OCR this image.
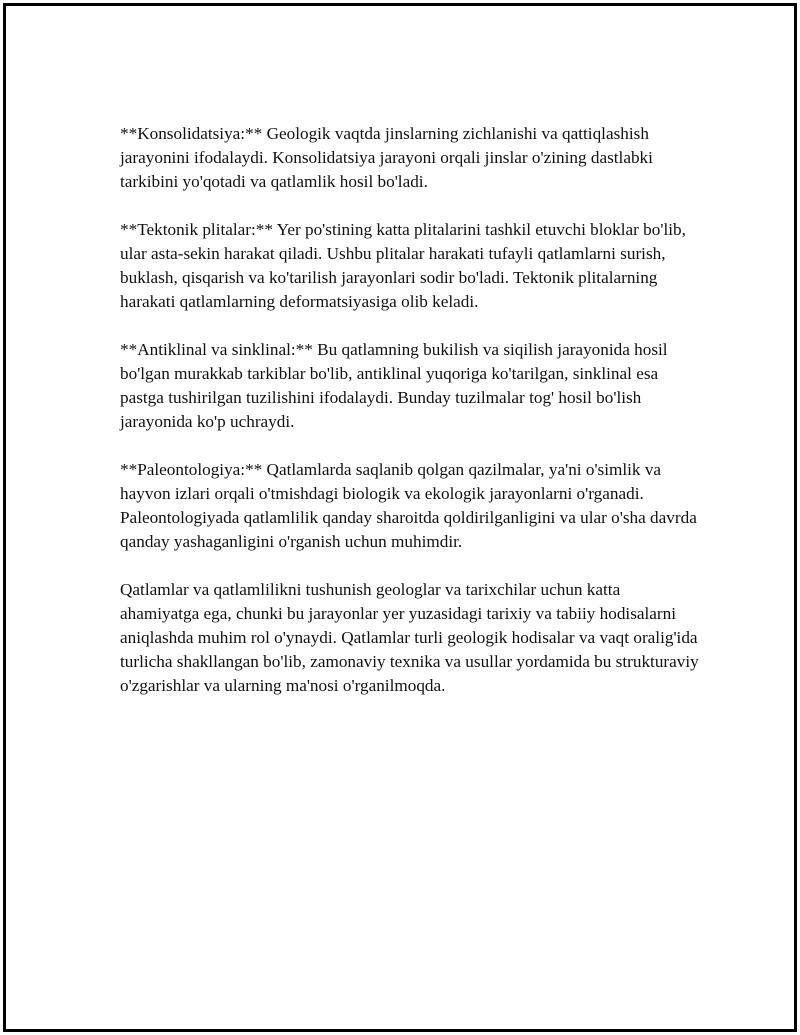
**Konsolidatsiya:** Geologik vaqtda jinslarning zichlanishi va qattiqlashish jarayonini ifodalaydi. Konsolidatsiya jarayoni orqali jinslar o'zining dastlabki tarkibini yo'qotadi va qatlamlik hosil bo'ladi.

**Tektonik plitalar:** Yer po'stining katta plitalarini tashkil etuvchi bloklar bo'lib, ular asta-sekin harakat qiladi. Ushbu plitalar harakati tufayli qatlamlarni surish, buklash, qisqarish va ko'tarilish jarayonlari sodir bo'ladi. Tektonik plitalarning harakati qatlamlarning deformatsiyasiga olib keladi.

**Antiklinal va sinklinal:** Bu qatlamning bukilish va siqilish jarayonida hosil bo'lgan murakkab tarkiblar bo'lib, antiklinal yuqoriga ko'tarilgan, sinklinal esa pastga tushirilgan tuzilishini ifodalaydi. Bunday tuzilmalar tog' hosil bo'lish jarayonida ko'p uchraydi.

**Paleontologiya:** Qatlamlarda saqlanib qolgan qazilmalar, ya'ni o'simlik va hayvon izlari orqali o'tmishdagi biologik va ekologik jarayonlarni o'rganadi. Paleontologiyada qatlamlilik qanday sharoitda qoldirilganligini va ular o'sha davrda qanday yashaganligini o'rganish uchun muhimdir.

Qatlamlar va qatlamlilikni tushunish geologlar va tarixchilar uchun katta ahamiyatga ega, chunki bu jarayonlar yer yuzasidagi tarixiy va tabiiy hodisalarni aniqlashda muhim rol o'ynaydi. Qatlamlar turli geologik hodisalar va vaqt oralig'ida turlicha shakllangan bo'lib, zamonaviy texnika va usullar yordamida bu strukturaviy o'zgarishlar va ularning ma'nosi o'rganilmoqda.
